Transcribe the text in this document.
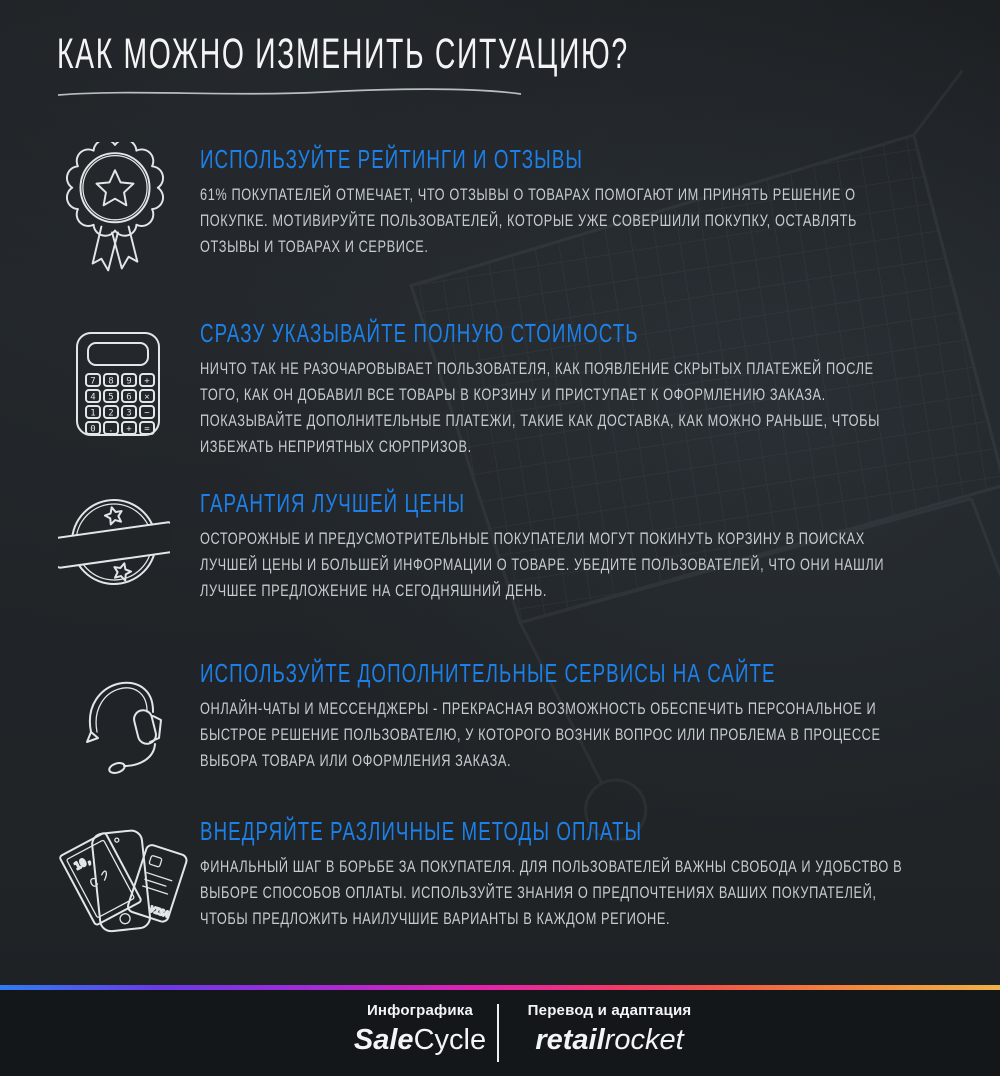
КАК МОЖНО ИЗМЕНИТЬ СИТУАЦИЮ?
ИСПОЛЬЗУЙТЕ РЕЙТИНГИ И ОТЗЫВЫ
61% ПОКУПАТЕЛЕЙ ОТМЕЧАЕТ, ЧТО ОТЗЫВЫ О ТОВАРАХ ПОМОГАЮТ ИМ ПРИНЯТЬ РЕШЕНИЕ О ПОКУПКЕ. МОТИВИРУЙТЕ ПОЛЬЗОВАТЕЛЕЙ, КОТОРЫЕ УЖЕ СОВЕРШИЛИ ПОКУПКУ, ОСТАВЛЯТЬ ОТЗЫВЫ И ТОВАРАХ И СЕРВИСЕ.
7 8 9 +
4 5 6 ×
1 2 3 −
0 . + =
СРАЗУ УКАЗЫВАЙТЕ ПОЛНУЮ СТОИМОСТЬ
НИЧТО ТАК НЕ РАЗОЧАРОВЫВАЕТ ПОЛЬЗОВАТЕЛЯ, КАК ПОЯВЛЕНИЕ СКРЫТЫХ ПЛАТЕЖЕЙ ПОСЛЕ ТОГО, КАК ОН ДОБАВИЛ ВСЕ ТОВАРЫ В КОРЗИНУ И ПРИСТУПАЕТ К ОФОРМЛЕНИЮ ЗАКАЗА. ПОКАЗЫВАЙТЕ ДОПОЛНИТЕЛЬНЫЕ ПЛАТЕЖИ, ТАКИЕ КАК ДОСТАВКА, КАК МОЖНО РАНЬШЕ, ЧТОБЫ ИЗБЕЖАТЬ НЕПРИЯТНЫХ СЮРПРИЗОВ.
ГАРАНТИЯ ЛУЧШЕЙ ЦЕНЫ
ОСТОРОЖНЫЕ И ПРЕДУСМОТРИТЕЛЬНЫЕ ПОКУПАТЕЛИ МОГУТ ПОКИНУТЬ КОРЗИНУ В ПОИСКАХ ЛУЧШЕЙ ЦЕНЫ И БОЛЬШЕЙ ИНФОРМАЦИИ О ТОВАРЕ. УБЕДИТЕ ПОЛЬЗОВАТЕЛЕЙ, ЧТО ОНИ НАШЛИ ЛУЧШЕЕ ПРЕДЛОЖЕНИЕ НА СЕГОДНЯШНИЙ ДЕНЬ.
ИСПОЛЬЗУЙТЕ ДОПОЛНИТЕЛЬНЫЕ СЕРВИСЫ НА САЙТЕ
ОНЛАЙН-ЧАТЫ И МЕССЕНДЖЕРЫ - ПРЕКРАСНАЯ ВОЗМОЖНОСТЬ ОБЕСПЕЧИТЬ ПЕРСОНАЛЬНОЕ И БЫСТРОЕ РЕШЕНИЕ ПОЛЬЗОВАТЕЛЮ, У КОТОРОГО ВОЗНИК ВОПРОС ИЛИ ПРОБЛЕМА В ПРОЦЕССЕ ВЫБОРА ТОВАРА ИЛИ ОФОРМЛЕНИЯ ЗАКАЗА.
10,
VISA
ВНЕДРЯЙТЕ РАЗЛИЧНЫЕ МЕТОДЫ ОПЛАТЫ
ФИНАЛЬНЫЙ ШАГ В БОРЬБЕ ЗА ПОКУПАТЕЛЯ. ДЛЯ ПОЛЬЗОВАТЕЛЕЙ ВАЖНЫ СВОБОДА И УДОБСТВО В ВЫБОРЕ СПОСОБОВ ОПЛАТЫ. ИСПОЛЬЗУЙТЕ ЗНАНИЯ О ПРЕДПОЧТЕНИЯХ ВАШИХ ПОКУПАТЕЛЕЙ, ЧТОБЫ ПРЕДЛОЖИТЬ НАИЛУЧШИЕ ВАРИАНТЫ В КАЖДОМ РЕГИОНЕ.
Инфографика
SaleCycle
Перевод и адаптация
retailrocket
